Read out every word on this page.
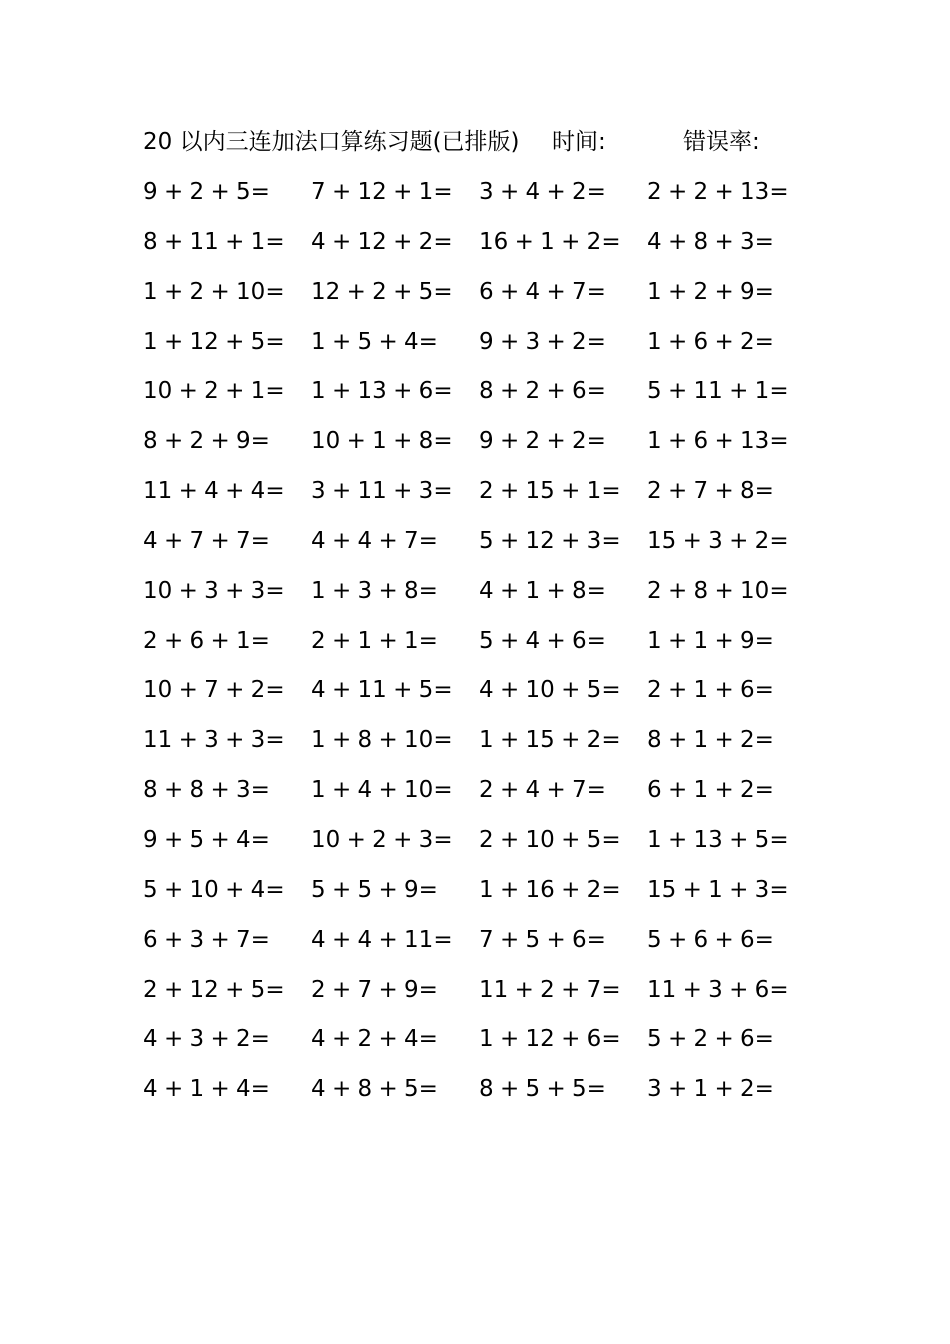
20 以内三连加法口算练习题(已排版) 时间:	错误率:
9 + 2 + 5= 7 + 12 + 1= 3 + 4 + 2= 2 + 2 + 13=
8 + 11 + 1= 4 + 12 + 2= 16 + 1 + 2= 4 + 8 + 3=
1 + 2 + 10= 12 + 2 + 5= 6 + 4 + 7= 1 + 2 + 9=
1 + 12 + 5= 1 + 5 + 4= 9 + 3 + 2= 1 + 6 + 2=
10 + 2 + 1= 1 + 13 + 6= 8 + 2 + 6= 5 + 11 + 1=
8 + 2 + 9= 10 + 1 + 8= 9 + 2 + 2= 1 + 6 + 13=
11 + 4 + 4= 3 + 11 + 3= 2 + 15 + 1= 2 + 7 + 8=
4 + 7 + 7= 4 + 4 + 7= 5 + 12 + 3= 15 + 3 + 2=
10 + 3 + 3= 1 + 3 + 8= 4 + 1 + 8= 2 + 8 + 10=
2 + 6 + 1= 2 + 1 + 1= 5 + 4 + 6= 1 + 1 + 9=
10 + 7 + 2= 4 + 11 + 5= 4 + 10 + 5= 2 + 1 + 6=
11 + 3 + 3= 1 + 8 + 10= 1 + 15 + 2= 8 + 1 + 2=
8 + 8 + 3= 1 + 4 + 10= 2 + 4 + 7= 6 + 1 + 2=
9 + 5 + 4= 10 + 2 + 3= 2 + 10 + 5= 1 + 13 + 5=
5 + 10 + 4= 5 + 5 + 9= 1 + 16 + 2= 15 + 1 + 3=
6 + 3 + 7= 4 + 4 + 11= 7 + 5 + 6= 5 + 6 + 6=
2 + 12 + 5= 2 + 7 + 9= 11 + 2 + 7= 11 + 3 + 6=
4 + 3 + 2= 4 + 2 + 4= 1 + 12 + 6= 5 + 2 + 6=
4 + 1 + 4= 4 + 8 + 5= 8 + 5 + 5= 3 + 1 + 2=
